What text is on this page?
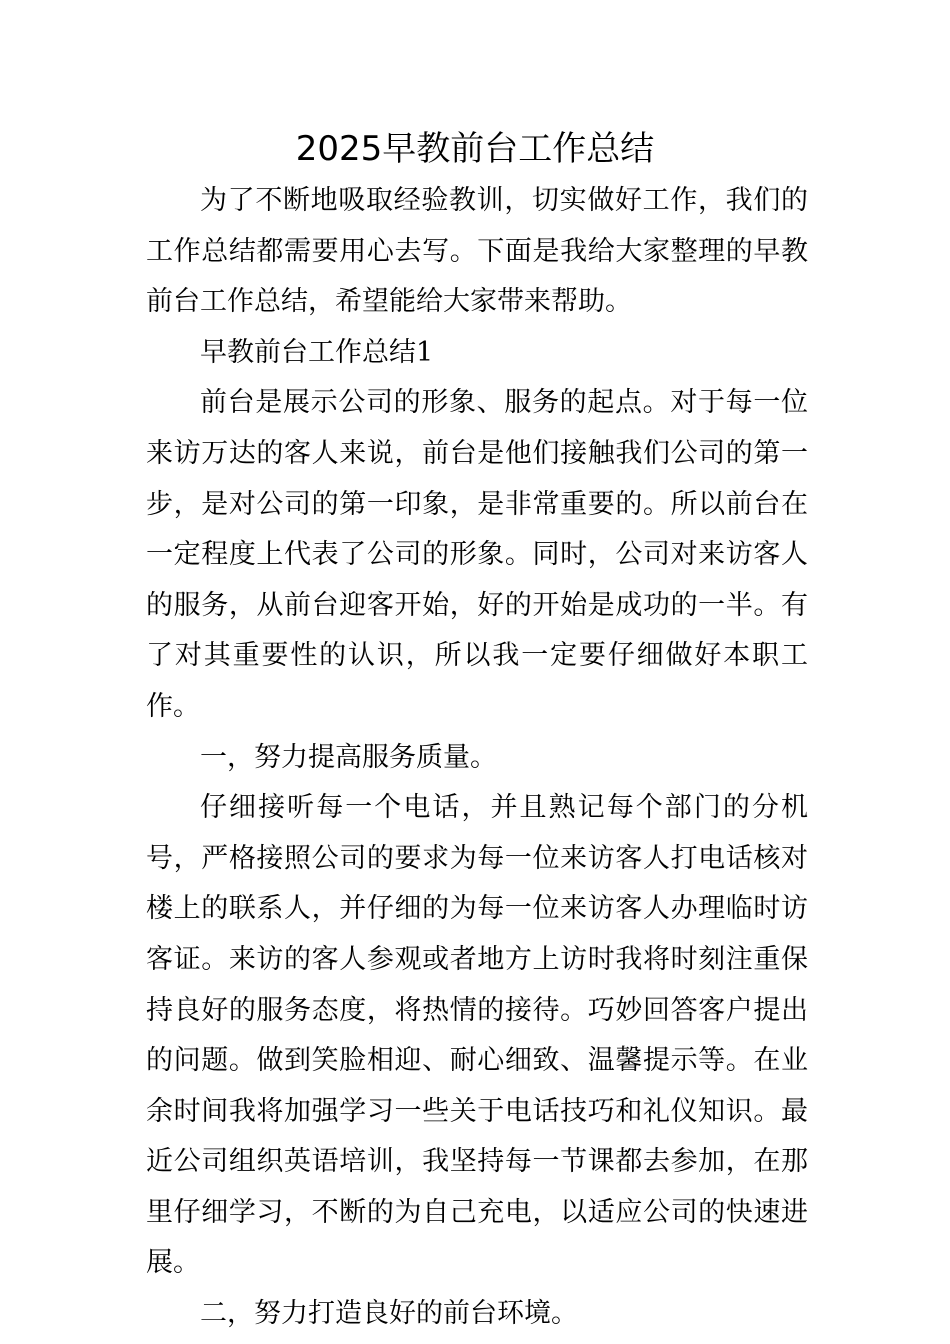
2025早教前台工作总结

为了不断地吸取经验教训，切实做好工作，我们的工作总结都需要用心去写。下面是我给大家整理的早教前台工作总结，希望能给大家带来帮助。

早教前台工作总结1

前台是展示公司的形象、服务的起点。对于每一位来访万达的客人来说，前台是他们接触我们公司的第一步，是对公司的第一印象，是非常重要的。所以前台在一定程度上代表了公司的形象。同时，公司对来访客人的服务，从前台迎客开始，好的开始是成功的一半。有了对其重要性的认识，所以我一定要仔细做好本职工作。

一，努力提高服务质量。

仔细接听每一个电话，并且熟记每个部门的分机号，严格接照公司的要求为每一位来访客人打电话核对楼上的联系人，并仔细的为每一位来访客人办理临时访客证。来访的客人参观或者地方上访时我将时刻注重保持良好的服务态度，将热情的接待。巧妙回答客户提出的问题。做到笑脸相迎、耐心细致、温馨提示等。在业余时间我将加强学习一些关于电话技巧和礼仪知识。最近公司组织英语培训，我坚持每一节课都去参加，在那里仔细学习，不断的为自己充电，以适应公司的快速进展。

二，努力打造良好的前台环境。
